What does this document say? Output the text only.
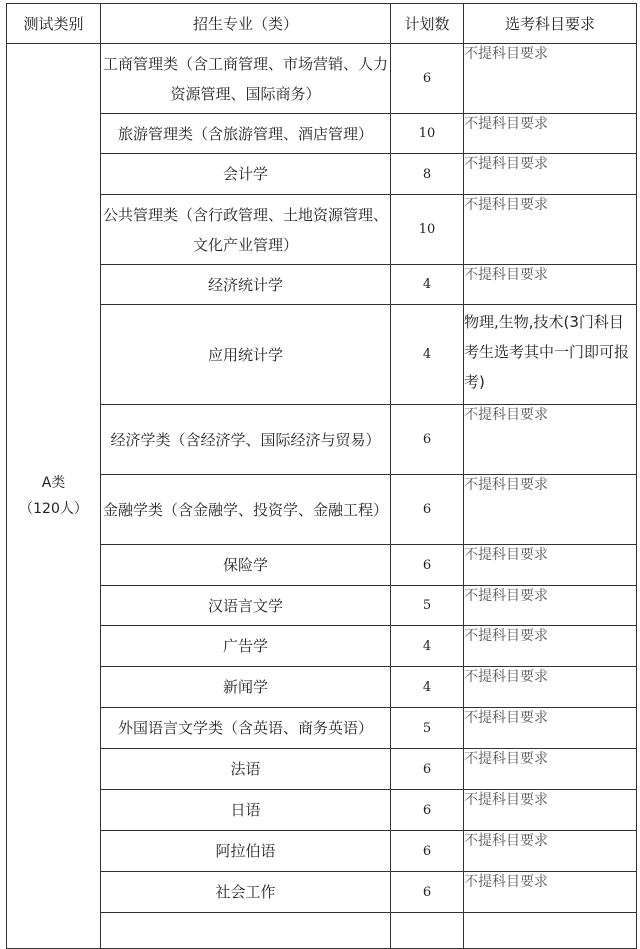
测试类别	招生专业（类）	计划数	选考科目要求

A类
（120人）	工商管理类（含工商管理、市场营销、人力资源管理、国际商务）	6	不提科目要求
	旅游管理类（含旅游管理、酒店管理）	10	不提科目要求
	会计学	8	不提科目要求
	公共管理类（含行政管理、土地资源管理、文化产业管理）	10	不提科目要求
	经济统计学	4	不提科目要求
	应用统计学	4	物理,生物,技术(3门科目考生选考其中一门即可报考)
	经济学类（含经济学、国际经济与贸易）	6	不提科目要求
	金融学类（含金融学、投资学、金融工程）	6	不提科目要求
	保险学	6	不提科目要求
	汉语言文学	5	不提科目要求
	广告学	4	不提科目要求
	新闻学	4	不提科目要求
	外国语言文学类（含英语、商务英语）	5	不提科目要求
	法语	6	不提科目要求
	日语	6	不提科目要求
	阿拉伯语	6	不提科目要求
	社会工作	6	不提科目要求
